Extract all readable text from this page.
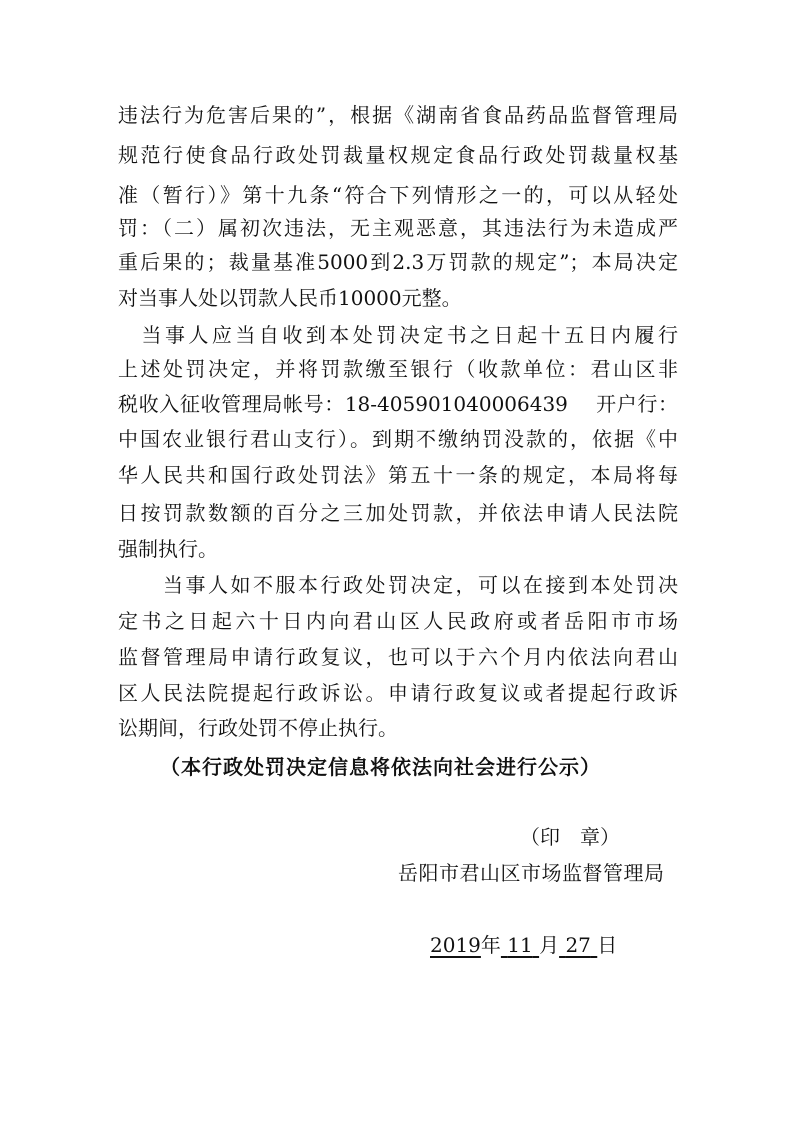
违法行为危害后果的”，根据《湖南省食品药品监督管理局
规范行使食品行政处罚裁量权规定食品行政处罚裁量权基
准（暂行）》第十九条“符合下列情形之一的，可以从轻处
罚：（二）属初次违法，无主观恶意，其违法行为未造成严
重后果的；裁量基准5000到2.3万罚款的规定”；本局决定
对当事人处以罚款人民币10000元整。
　当事人应当自收到本处罚决定书之日起十五日内履行
上述处罚决定，并将罚款缴至银行（收款单位：君山区非
税收入征收管理局帐号：18-405901040006439　 开户行：
中国农业银行君山支行）。到期不缴纳罚没款的，依据《中
华人民共和国行政处罚法》第五十一条的规定，本局将每
日按罚款数额的百分之三加处罚款，并依法申请人民法院
强制执行。
　　当事人如不服本行政处罚决定，可以在接到本处罚决
定书之日起六十日内向君山区人民政府或者岳阳市市场
监督管理局申请行政复议，也可以于六个月内依法向君山
区人民法院提起行政诉讼。申请行政复议或者提起行政诉
讼期间，行政处罚不停止执行。
（本行政处罚决定信息将依法向社会进行公示）
（印　章）
岳阳市君山区市场监督管理局
2019年 11 月 27 日
